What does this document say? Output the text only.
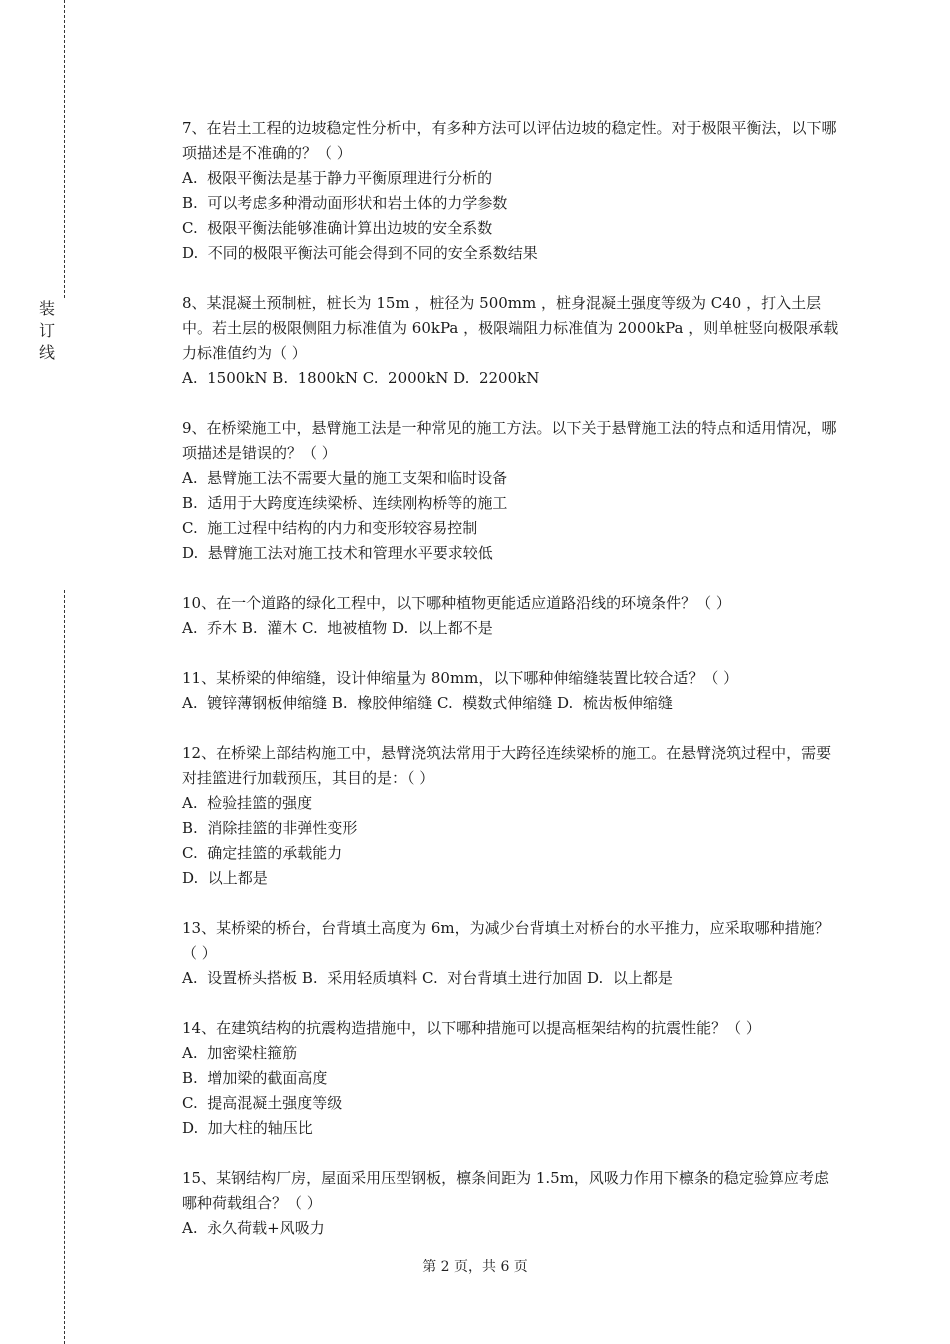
装
订
线
7、在岩土工程的边坡稳定性分析中，有多种方法可以评估边坡的稳定性。对于极限平衡法，以下哪项描述是不准确的？（ ）
A.  极限平衡法是基于静力平衡原理进行分析的
B.  可以考虑多种滑动面形状和岩土体的力学参数
C.  极限平衡法能够准确计算出边坡的安全系数
D.  不同的极限平衡法可能会得到不同的安全系数结果
8、某混凝土预制桩，桩长为 15m ，桩径为 500mm ，桩身混凝土强度等级为 C40 ，打入土层中。若土层的极限侧阻力标准值为 60kPa ，极限端阻力标准值为 2000kPa ，则单桩竖向极限承载力标准值约为（ ）
A.  1500kN B.  1800kN C.  2000kN D.  2200kN
9、在桥梁施工中，悬臂施工法是一种常见的施工方法。以下关于悬臂施工法的特点和适用情况，哪项描述是错误的？（ ）
A.  悬臂施工法不需要大量的施工支架和临时设备
B.  适用于大跨度连续梁桥、连续刚构桥等的施工
C.  施工过程中结构的内力和变形较容易控制
D.  悬臂施工法对施工技术和管理水平要求较低
10、在一个道路的绿化工程中，以下哪种植物更能适应道路沿线的环境条件？（ ）
A.  乔木 B.  灌木 C.  地被植物 D.  以上都不是
11、某桥梁的伸缩缝，设计伸缩量为 80mm，以下哪种伸缩缝装置比较合适？（ ）
A.  镀锌薄钢板伸缩缝 B.  橡胶伸缩缝 C.  模数式伸缩缝 D.  梳齿板伸缩缝
12、在桥梁上部结构施工中，悬臂浇筑法常用于大跨径连续梁桥的施工。在悬臂浇筑过程中，需要对挂篮进行加载预压，其目的是：（ ）
A.  检验挂篮的强度
B.  消除挂篮的非弹性变形
C.  确定挂篮的承载能力
D.  以上都是
13、某桥梁的桥台，台背填土高度为 6m，为减少台背填土对桥台的水平推力，应采取哪种措施？（ ）
A.  设置桥头搭板 B.  采用轻质填料 C.  对台背填土进行加固 D.  以上都是
14、在建筑结构的抗震构造措施中，以下哪种措施可以提高框架结构的抗震性能？（ ）
A.  加密梁柱箍筋
B.  增加梁的截面高度
C.  提高混凝土强度等级
D.  加大柱的轴压比
15、某钢结构厂房，屋面采用压型钢板，檩条间距为 1.5m，风吸力作用下檩条的稳定验算应考虑哪种荷载组合？（ ）
A.  永久荷载+风吸力
第 2 页，共 6 页
